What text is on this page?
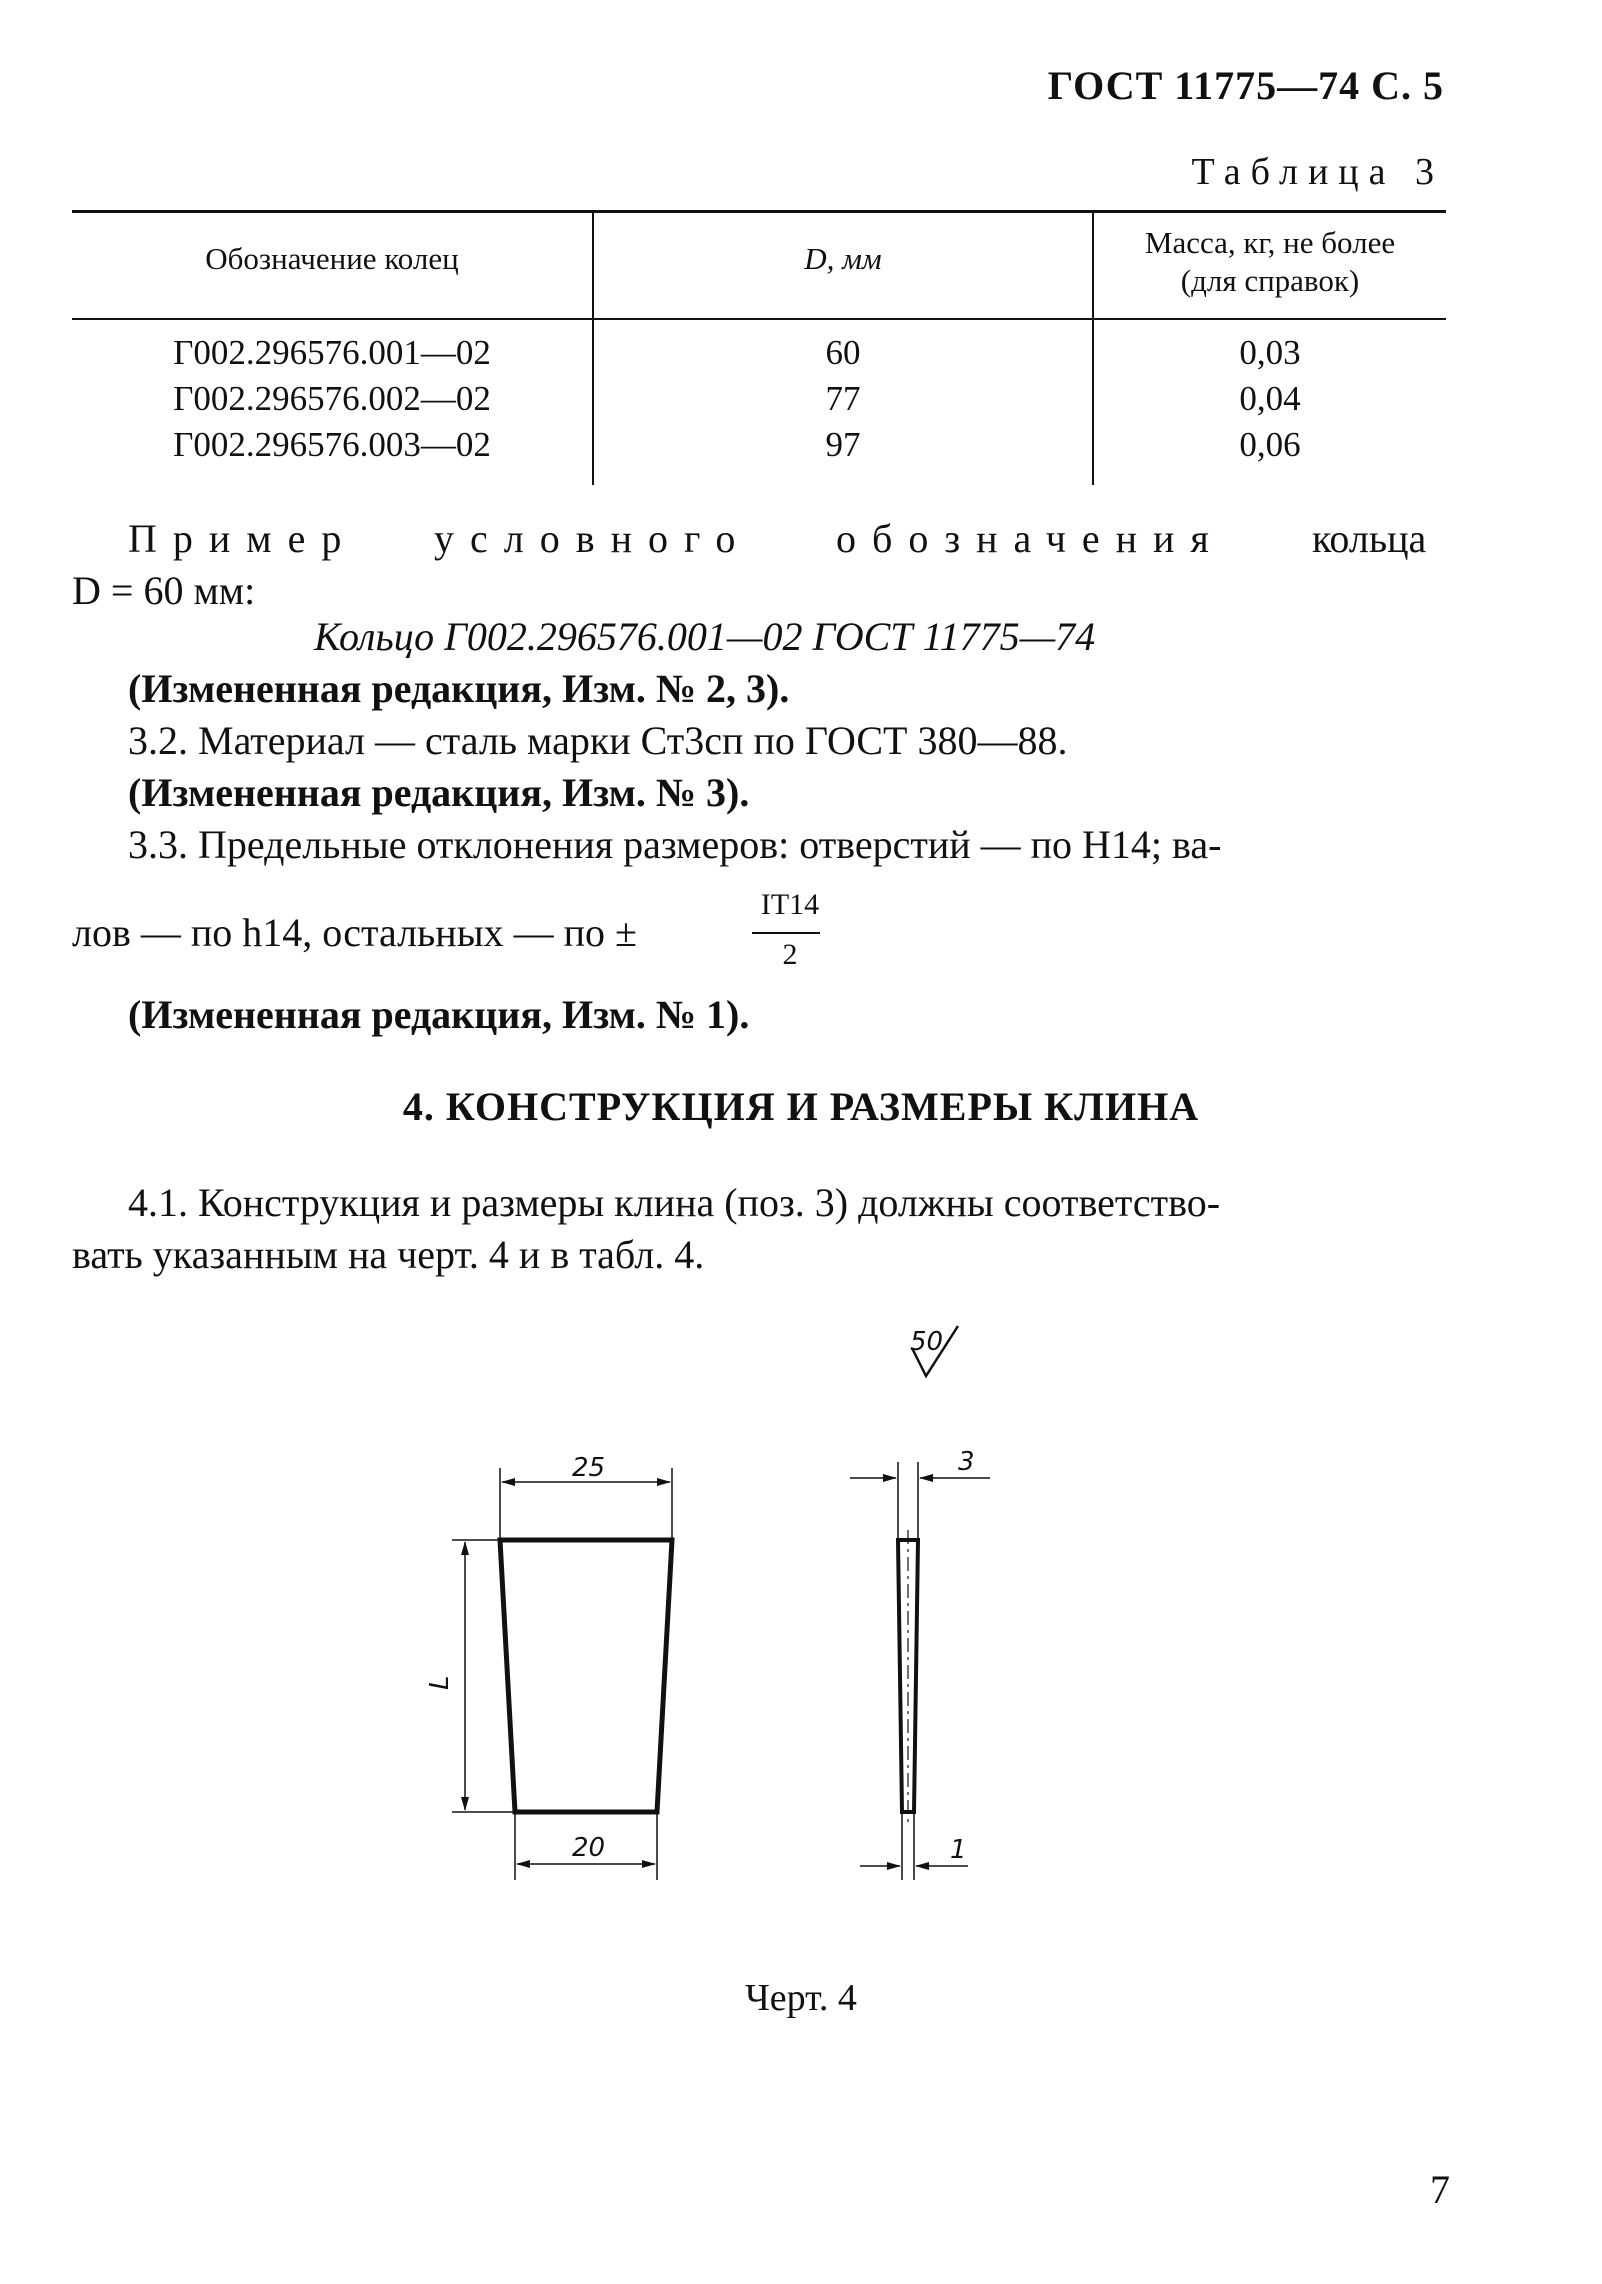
ГОСТ 11775—74 С. 5
Таблица 3
Обозначение колец	D, мм	Масса, кг, не более (для справок)
Г002.296576.001—02	60	0,03
Г002.296576.002—02	77	0,04
Г002.296576.003—02	97	0,06
Пример условного обозначения кольца
D = 60 мм:
Кольцо Г002.296576.001—02 ГОСТ 11775—74
(Измененная редакция, Изм. № 2, 3).
3.2. Материал — сталь марки Ст3сп по ГОСТ 380—88.
(Измененная редакция, Изм. № 3).
3.3. Предельные отклонения размеров: отверстий — по Н14; ва-
лов — по h14, остальных — по ±
IT14
2
(Измененная редакция, Изм. № 1).
4. КОНСТРУКЦИЯ И РАЗМЕРЫ КЛИНА
4.1. Конструкция и размеры клина (поз. 3) должны соответство-
вать указанным на черт. 4 и в табл. 4.
50
25
20
L
3
1
Черт. 4
7
